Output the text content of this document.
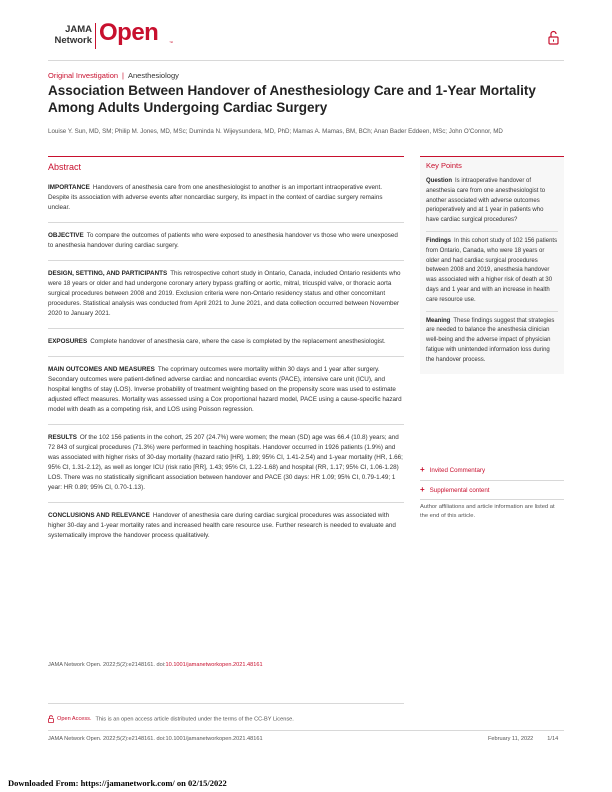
JAMA
Network Open	™
Original Investigation | Anesthesiology
Association Between Handover of Anesthesiology Care and 1-Year Mortality Among Adults Undergoing Cardiac Surgery
Louise Y. Sun, MD, SM; Philip M. Jones, MD, MSc; Duminda N. Wijeysundera, MD, PhD; Mamas A. Mamas, BM, BCh; Anan Bader Eddeen, MSc; John O'Connor, MD
Abstract
IMPORTANCE Handovers of anesthesia care from one anesthesiologist to another is an important intraoperative event. Despite its association with adverse events after noncardiac surgery, its impact in the context of cardiac surgery remains unclear.
OBJECTIVE To compare the outcomes of patients who were exposed to anesthesia handover vs those who were unexposed to anesthesia handover during cardiac surgery.
DESIGN, SETTING, AND PARTICIPANTS This retrospective cohort study in Ontario, Canada, included Ontario residents who were 18 years or older and had undergone coronary artery bypass grafting or aortic, mitral, tricuspid valve, or thoracic aorta surgical procedures between 2008 and 2019. Exclusion criteria were non-Ontario residency status and other concomitant procedures. Statistical analysis was conducted from April 2021 to June 2021, and data collection occurred between November 2020 to January 2021.
EXPOSURES Complete handover of anesthesia care, where the case is completed by the replacement anesthesiologist.
MAIN OUTCOMES AND MEASURES The coprimary outcomes were mortality within 30 days and 1 year after surgery. Secondary outcomes were patient-defined adverse cardiac and noncardiac events (PACE), intensive care unit (ICU), and hospital lengths of stay (LOS). Inverse probability of treatment weighting based on the propensity score was used to estimate adjusted effect measures. Mortality was assessed using a Cox proportional hazard model, PACE using a cause-specific hazard model with death as a competing risk, and LOS using Poisson regression.
RESULTS Of the 102 156 patients in the cohort, 25 207 (24.7%) were women; the mean (SD) age was 66.4 (10.8) years; and 72 843 of surgical procedures (71.3%) were performed in teaching hospitals. Handover occurred in 1926 patients (1.9%) and was associated with higher risks of 30-day mortality (hazard ratio [HR], 1.89; 95% CI, 1.41-2.54) and 1-year mortality (HR, 1.66; 95% CI, 1.31-2.12), as well as longer ICU (risk ratio [RR], 1.43; 95% CI, 1.22-1.68) and hospital (RR, 1.17; 95% CI, 1.06-1.28) LOS. There was no statistically significant association between handover and PACE (30 days: HR 1.09; 95% CI, 0.79-1.49; 1 year: HR 0.89; 95% CI, 0.70-1.13).
CONCLUSIONS AND RELEVANCE Handover of anesthesia care during cardiac surgical procedures was associated with higher 30-day and 1-year mortality rates and increased health care resource use. Further research is needed to evaluate and systematically improve the handover process qualitatively.
JAMA Network Open. 2022;5(2):e2148161. doi:10.1001/jamanetworkopen.2021.48161
Open Access. This is an open access article distributed under the terms of the CC-BY License.
Key Points
Question Is intraoperative handover of anesthesia care from one anesthesiologist to another associated with adverse outcomes perioperatively and at 1 year in patients who have cardiac surgical procedures?
Findings In this cohort study of 102 156 patients from Ontario, Canada, who were 18 years or older and had cardiac surgical procedures between 2008 and 2019, anesthesia handover was associated with a higher risk of death at 30 days and 1 year and with an increase in health care resource use.
Meaning These findings suggest that strategies are needed to balance the anesthesia clinician well-being and the adverse impact of physician fatigue with unintended information loss during the handover process.
+ Invited Commentary
+ Supplemental content
Author affiliations and article information are listed at the end of this article.
JAMA Network Open. 2022;5(2):e2148161. doi:10.1001/jamanetworkopen.2021.48161	February 11, 2022	1/14
Downloaded From: https://jamanetwork.com/ on 02/15/2022
